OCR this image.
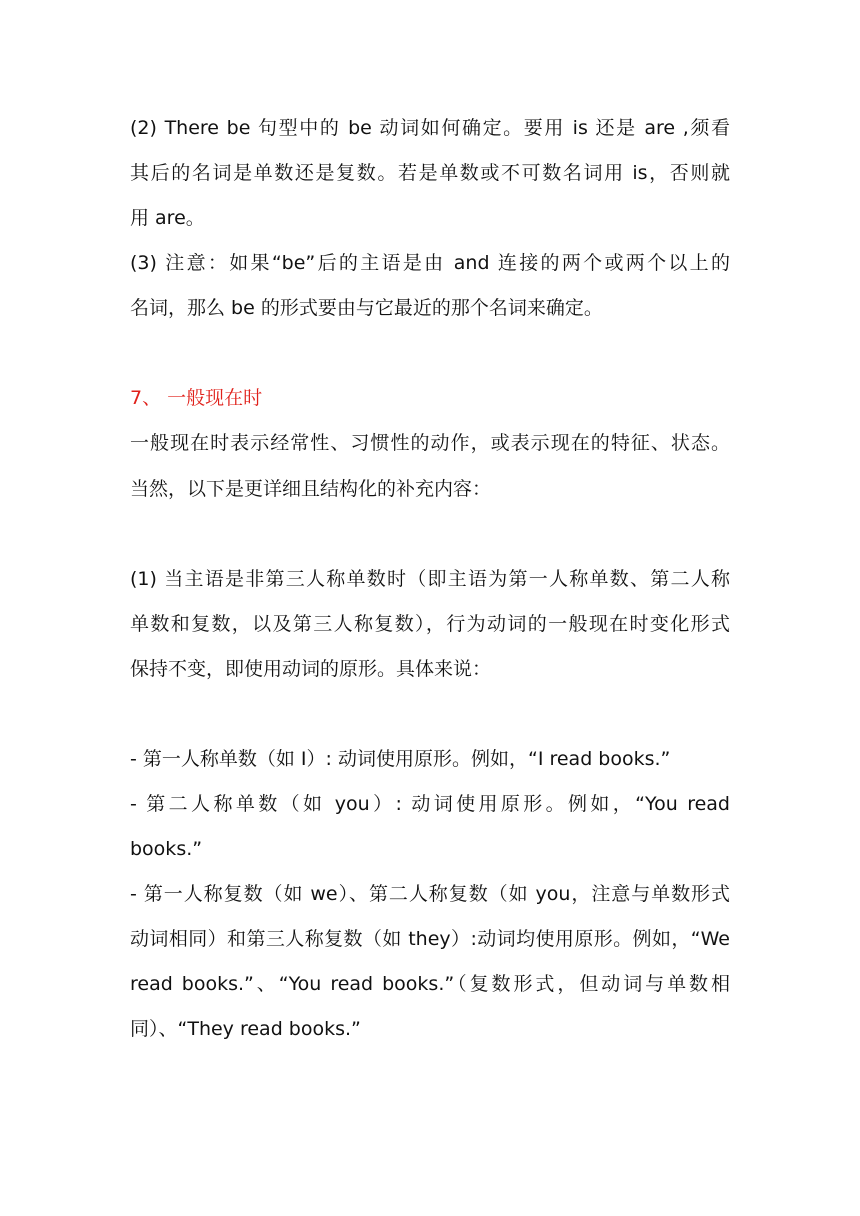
(2) There be 句型中的 be 动词如何确定。要用 is 还是 are ,须看
其后的名词是单数还是复数。若是单数或不可数名词用 is，否则就
用 are。
(3) 注意：如果“be”后的主语是由 and 连接的两个或两个以上的
名词，那么 be 的形式要由与它最近的那个名词来确定。
7、 一般现在时
一般现在时表示经常性、习惯性的动作，或表示现在的特征、状态。
当然，以下是更详细且结构化的补充内容：
(1) 当主语是非第三人称单数时（即主语为第一人称单数、第二人称
单数和复数，以及第三人称复数），行为动词的一般现在时变化形式
保持不变，即使用动词的原形。具体来说：
- 第一人称单数（如 I）: 动词使用原形。例如，“I read books.”
- 第二人称单数（如 you）: 动词使用原形。例如，“You read
books.”
- 第一人称复数（如 we）、第二人称复数（如 you，注意与单数形式
动词相同）和第三人称复数（如 they）:动词均使用原形。例如，“We
read books.”、“You read books.”（复数形式，但动词与单数相
同）、“They read books.”
